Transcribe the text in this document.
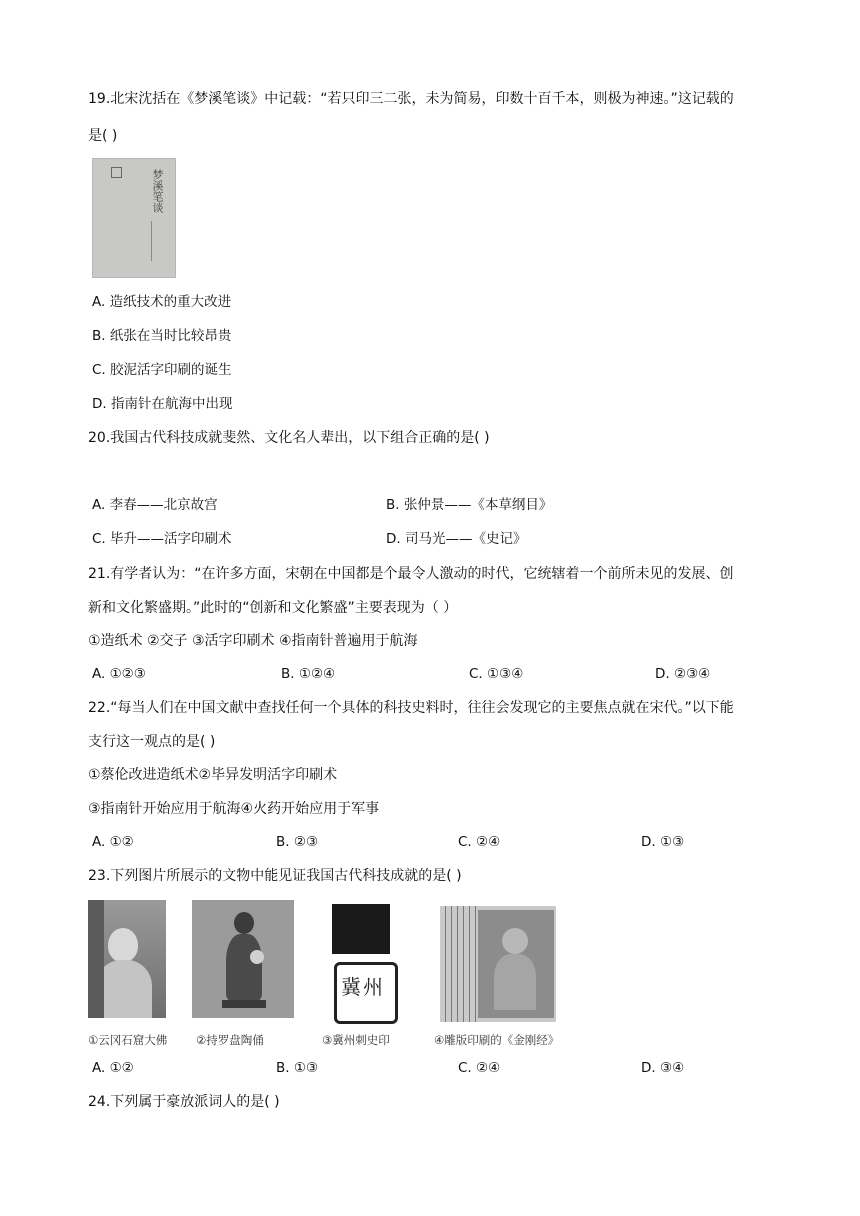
19.北宋沈括在《梦溪笔谈》中记载：“若只印三二张，未为简易，印数十百千本，则极为神速。”这记载的
是( )
梦溪笔谈
A. 造纸技术的重大改进
B. 纸张在当时比较昂贵
C. 胶泥活字印刷的诞生
D. 指南针在航海中出现
20.我国古代科技成就斐然、文化名人辈出，以下组合正确的是( )
A. 李春——北京故宫	B. 张仲景——《本草纲目》
C. 毕升——活字印刷术	D. 司马光——《史记》
21.有学者认为：“在许多方面，宋朝在中国都是个最令人激动的时代，它统辖着一个前所未见的发展、创
新和文化繁盛期。”此时的“创新和文化繁盛”主要表现为（ ）
①造纸术 ②交子 ③活字印刷术 ④指南针普遍用于航海
A. ①②③	B. ①②④	C. ①③④	D. ②③④
22.“每当人们在中国文献中查找任何一个具体的科技史料时，往往会发现它的主要焦点就在宋代。”以下能
支行这一观点的是( )
①蔡伦改进造纸术②毕异发明活字印刷术
③指南针开始应用于航海④火药开始应用于军事
A. ①②	B. ②③	C. ②④	D. ①③
23.下列图片所展示的文物中能见证我国古代科技成就的是( )
冀州
①云冈石窟大佛 ②持罗盘陶俑	③冀州刺史印	④雕版印刷的《金刚经》
A. ①②	B. ①③	C. ②④	D. ③④
24.下列属于豪放派词人的是( )
